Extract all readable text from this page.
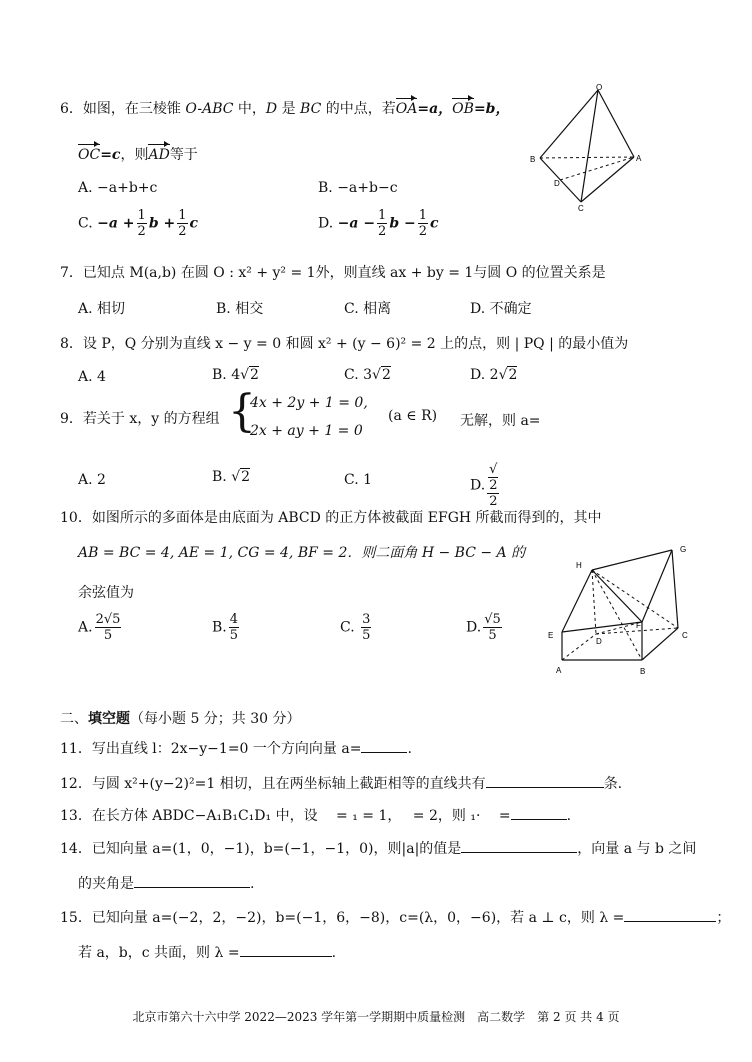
6．如图，在三棱锥 O-ABC 中，D 是 BC 的中点，若OA=a，OB=b，
OC=c，则AD等于
A. −a+b+c	B. −a+b−c
C. $-a + \frac{1}{2}$ $b + \frac{1}{2}$ c	D. $-a - \frac{1}{2}$ $b - \frac{1}{2}$ c
O
B	A
D
C
7．已知点 M(a,b) 在圆 O : x² + y² = 1外，则直线 ax + by = 1与圆 O 的位置关系是
A. 相切	B. 相交	C. 相离	D. 不确定
8．设 P，Q 分别为直线 x − y = 0 和圆 x² + (y − 6)² = 2 上的点，则 | PQ | 的最小值为
A. 4	B. 4√2	C. 3√2	D. 2√2
9．若关于 x，y 的方程组 {
4x + 2y + 1 = 0,
2x + ay + 1 = 0
(a ∈ R) 无解，则 a=
A. 2	B. √2	C. 1	D. √
2
2
10．如图所示的多面体是由底面为 ABCD 的正方体被截面 EFGH 所截而得到的，其中
AB = BC = 4, AE = 1, CG = 4, BF = 2．则二面角 H − BC − A 的
余弦值为
A. $\frac{2√5}{5}$	B. $\frac{4}{5}$	C. $\frac{3}{5}$	D. $\frac{√5}{5}$
H
G
E
F
D
C
A	B
二、填空题（每小题 5 分；共 30 分）
11．写出直线 l：2x−y−1=0 一个方向向量 a=	.
12．与圆 x²+(y−2)²=1 相切，且在两坐标轴上截距相等的直线共有	条.
13．在长方体 ABDC−A₁B₁C₁D₁ 中，设　 = ₁ = 1，　 = 2，则 ₁·　 =	.
14．已知向量 a=(1，0，−1)，b=(−1，−1，0)，则|a|的值是	，向量 a 与 b 之间
的夹角是	.
15．已知向量 a=(−2，2，−2)，b=(−1，6，−8)，c=(λ，0，−6)，若 a ⊥ c，则 λ =	；
若 a，b，c 共面，则 λ =	.
北京市第六十六中学 2022—2023 学年第一学期期中质量检测　高二数学　第 2 页 共 4 页
